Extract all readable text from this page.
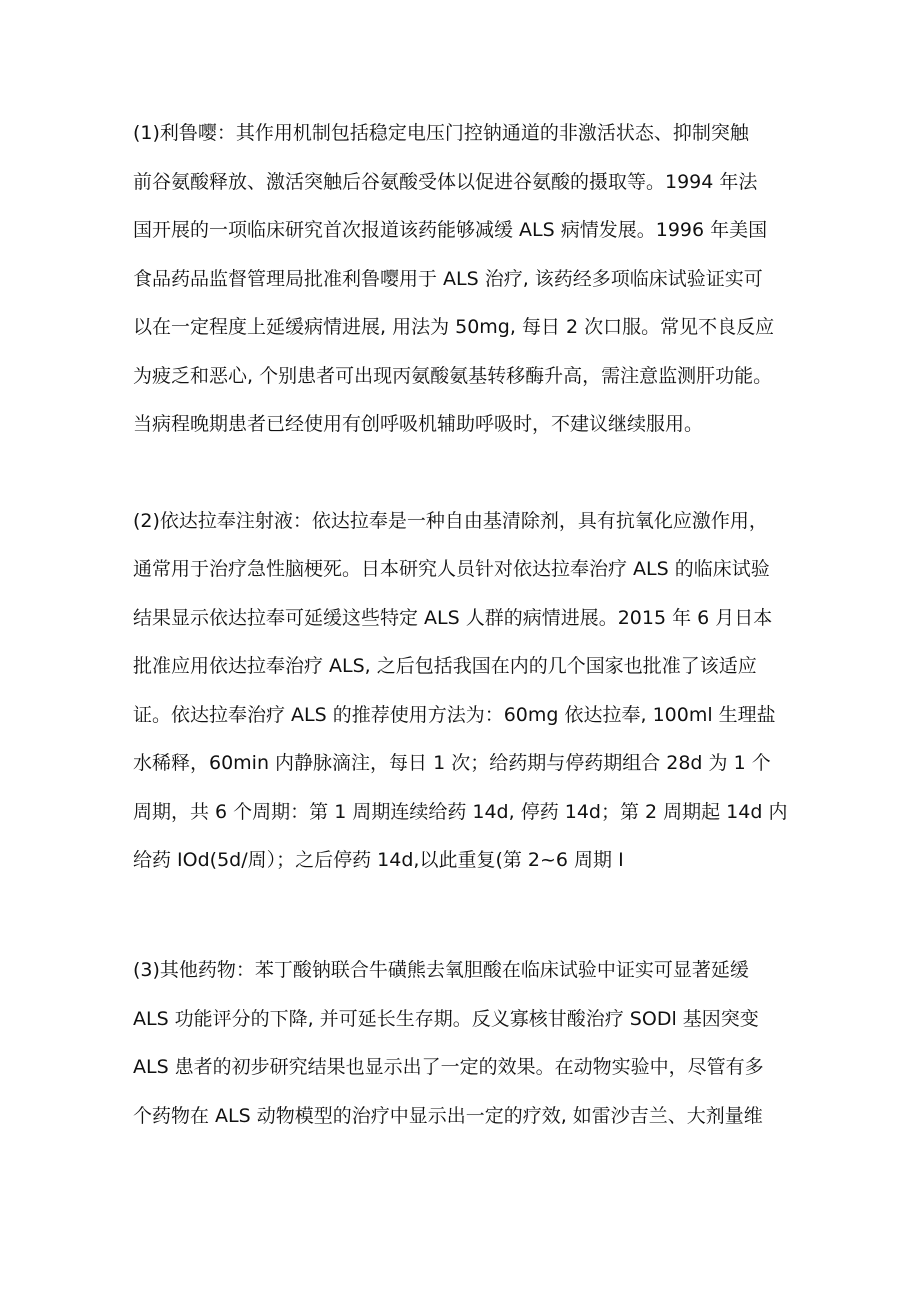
(1)利鲁嘤：其作用机制包括稳定电压门控钠通道的非激活状态、抑制突触
前谷氨酸释放、激活突触后谷氨酸受体以促进谷氨酸的摄取等。1994 年法
国开展的一项临床研究首次报道该药能够减缓 ALS 病情发展。1996 年美国
食品药品监督管理局批准利鲁嘤用于 ALS 治疗, 该药经多项临床试验证实可
以在一定程度上延缓病情进展, 用法为 50mg, 每日 2 次口服。常见不良反应
为疲乏和恶心, 个别患者可出现丙氨酸氨基转移酶升高，需注意监测肝功能。
当病程晚期患者已经使用有创呼吸机辅助呼吸时，不建议继续服用。
(2)依达拉奉注射液：依达拉奉是一种自由基清除剂，具有抗氧化应激作用，
通常用于治疗急性脑梗死。日本研究人员针对依达拉奉治疗 ALS 的临床试验
结果显示依达拉奉可延缓这些特定 ALS 人群的病情进展。2015 年 6 月日本
批准应用依达拉奉治疗 ALS, 之后包括我国在内的几个国家也批准了该适应
证。依达拉奉治疗 ALS 的推荐使用方法为：60mg 依达拉奉, 100ml 生理盐
水稀释，60min 内静脉滴注，每日 1 次；给药期与停药期组合 28d 为 1 个
周期，共 6 个周期：第 1 周期连续给药 14d, 停药 14d；第 2 周期起 14d 内
给药 IOd(5d/周）；之后停药 14d,以此重复(第 2~6 周期 I
(3)其他药物：苯丁酸钠联合牛磺熊去氧胆酸在临床试验中证实可显著延缓
ALS 功能评分的下降, 并可延长生存期。反义寡核甘酸治疗 SODl 基因突变
ALS 患者的初步研究结果也显示出了一定的效果。在动物实验中，尽管有多
个药物在 ALS 动物模型的治疗中显示出一定的疗效, 如雷沙吉兰、大剂量维
